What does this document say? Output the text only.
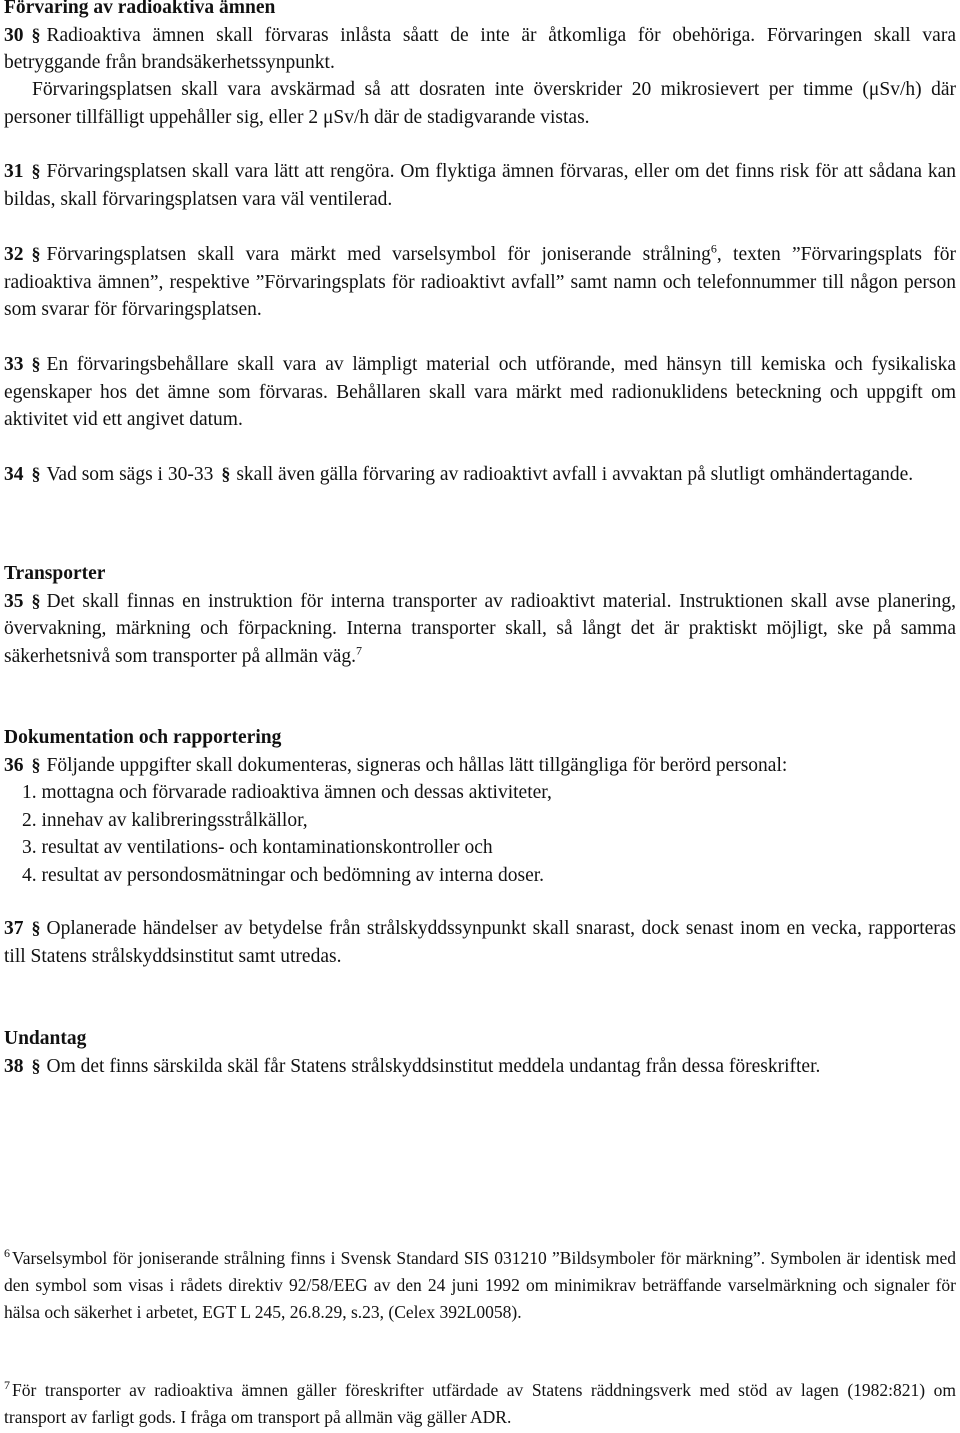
Förvaring av radioaktiva ämnen
30 § Radioaktiva ämnen skall förvaras inlåsta såatt de inte är åtkomliga för obehöriga. Förvaringen skall vara betryggande från brandsäkerhetssynpunkt.
Förvaringsplatsen skall vara avskärmad så att dosraten inte överskrider 20 mikrosievert per timme (μSv/h) där personer tillfälligt uppehåller sig, eller 2 μSv/h där de stadigvarande vistas.
31 § Förvaringsplatsen skall vara lätt att rengöra. Om flyktiga ämnen förvaras, eller om det finns risk för att sådana kan bildas, skall förvaringsplatsen vara väl ventilerad.
32 § Förvaringsplatsen skall vara märkt med varselsymbol för joniserande strålning$^6$, texten ”Förvaringsplats för radioaktiva ämnen”, respektive ”Förvaringsplats för radioaktivt avfall” samt namn och telefonnummer till någon person som svarar för förvaringsplatsen.
33 § En förvaringsbehållare skall vara av lämpligt material och utförande, med hänsyn till kemiska och fysikaliska egenskaper hos det ämne som förvaras. Behållaren skall vara märkt med radionuklidens beteckning och uppgift om aktivitet vid ett angivet datum.
34 § Vad som sägs i 30-33 § skall även gälla förvaring av radioaktivt avfall i avvaktan på slutligt omhändertagande.
Transporter
35 § Det skall finnas en instruktion för interna transporter av radioaktivt material. Instruktionen skall avse planering, övervakning, märkning och förpackning. Interna transporter skall, så långt det är praktiskt möjligt, ske på samma säkerhetsnivå som transporter på allmän väg.$^7$
Dokumentation och rapportering
36 § Följande uppgifter skall dokumenteras, signeras och hållas lätt tillgängliga för berörd personal:
1. mottagna och förvarade radioaktiva ämnen och dessas aktiviteter,
2. innehav av kalibreringsstrålkällor,
3. resultat av ventilations- och kontaminationskontroller och
4. resultat av persondosmätningar och bedömning av interna doser.
37 § Oplanerade händelser av betydelse från strålskyddssynpunkt skall snarast, dock senast inom en vecka, rapporteras till Statens strålskyddsinstitut samt utredas.
Undantag
38 § Om det finns särskilda skäl får Statens strålskyddsinstitut meddela undantag från dessa föreskrifter.
$^6$ Varselsymbol för joniserande strålning finns i Svensk Standard SIS 031210 ”Bildsymboler för märkning”. Symbolen är identisk med den symbol som visas i rådets direktiv 92/58/EEG av den 24 juni 1992 om minimikrav beträffande varselmärkning och signaler för hälsa och säkerhet i arbetet, EGT L 245, 26.8.29, s.23, (Celex 392L0058).
$^7$ För transporter av radioaktiva ämnen gäller föreskrifter utfärdade av Statens räddningsverk med stöd av lagen (1982:821) om transport av farligt gods. I fråga om transport på allmän väg gäller ADR.
